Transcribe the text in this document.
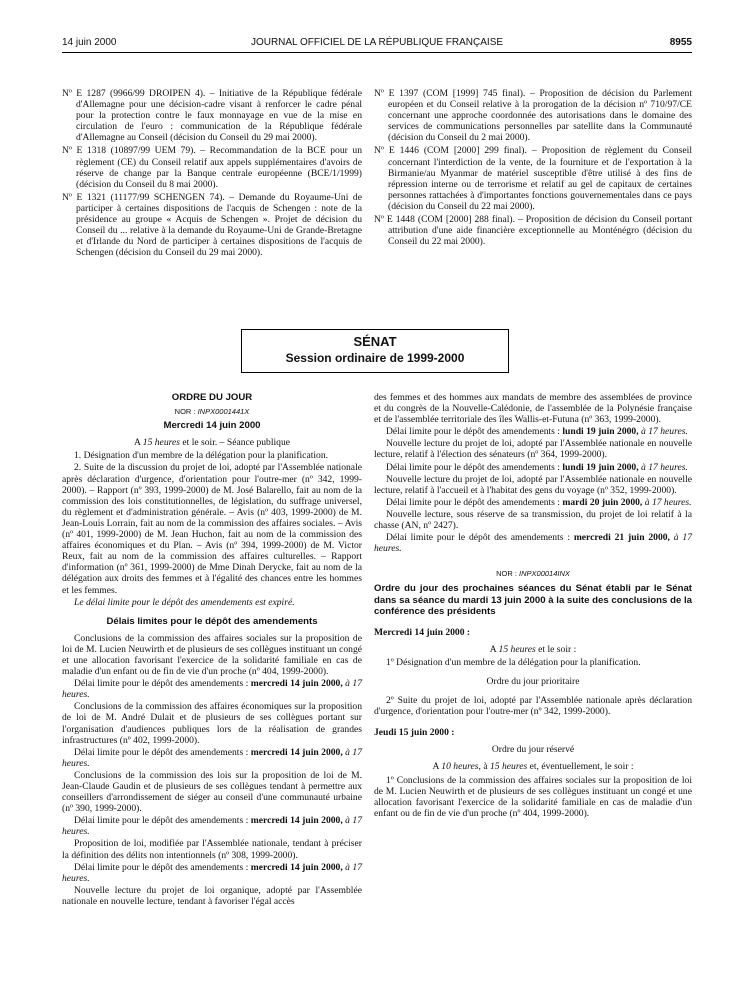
14 juin 2000	JOURNAL OFFICIEL DE LA RÉPUBLIQUE FRANÇAISE	8955
Nº E 1287 (9966/99 DROIPEN 4). – Initiative de la République fédérale d'Allemagne pour une décision-cadre visant à renforcer le cadre pénal pour la protection contre le faux monnayage en vue de la mise en circulation de l'euro : communication de la République fédérale d'Allemagne au Conseil (décision du Conseil du 29 mai 2000).
Nº E 1318 (10897/99 UEM 79). – Recommandation de la BCE pour un règlement (CE) du Conseil relatif aux appels supplémentaires d'avoirs de réserve de change par la Banque centrale européenne (BCE/1/1999) (décision du Conseil du 8 mai 2000).
Nº E 1321 (11177/99 SCHENGEN 74). – Demande du Royaume-Uni de participer à certaines dispositions de l'acquis de Schengen : note de la présidence au groupe « Acquis de Schengen ». Projet de décision du Conseil du ... relative à la demande du Royaume-Uni de Grande-Bretagne et d'Irlande du Nord de participer à certaines dispositions de l'acquis de Schengen (décision du Conseil du 29 mai 2000).
Nº E 1397 (COM [1999] 745 final). – Proposition de décision du Parlement européen et du Conseil relative à la prorogation de la décision nº 710/97/CE concernant une approche coordonnée des autorisations dans le domaine des services de communications personnelles par satellite dans la Communauté (décision du Conseil du 2 mai 2000).
Nº E 1446 (COM [2000] 299 final). – Proposition de règlement du Conseil concernant l'interdiction de la vente, de la fourniture et de l'exportation à la Birmanie/au Myanmar de matériel susceptible d'être utilisé à des fins de répression interne ou de terrorisme et relatif au gel de capitaux de certaines personnes rattachées à d'importantes fonctions gouvernementales dans ce pays (décision du Conseil du 22 mai 2000).
Nº E 1448 (COM [2000] 288 final). – Proposition de décision du Conseil portant attribution d'une aide financière exceptionnelle au Monténégro (décision du Conseil du 22 mai 2000).
SÉNAT
Session ordinaire de 1999-2000
ORDRE DU JOUR
NOR : INPX0001441X
Mercredi 14 juin 2000

A 15 heures et le soir. – Séance publique

1. Désignation d'un membre de la délégation pour la planification.

2. Suite de la discussion du projet de loi, adopté par l'Assemblée nationale après déclaration d'urgence, d'orientation pour l'outre-mer (nº 342, 1999-2000). – Rapport (nº 393, 1999-2000) de M. José Balarello, fait au nom de la commission des lois constitutionnelles, de législation, du suffrage universel, du règlement et d'administration générale. – Avis (nº 403, 1999-2000) de M. Jean-Louis Lorrain, fait au nom de la commission des affaires sociales. – Avis (nº 401, 1999-2000) de M. Jean Huchon, fait au nom de la commission des affaires économiques et du Plan. – Avis (nº 394, 1999-2000) de M. Victor Reux, fait au nom de la commission des affaires culturelles. – Rapport d'information (nº 361, 1999-2000) de Mme Dinah Derycke, fait au nom de la délégation aux droits des femmes et à l'égalité des chances entre les hommes et les femmes.

Le délai limite pour le dépôt des amendements est expiré.

Délais limites pour le dépôt des amendements

Conclusions de la commission des affaires sociales sur la proposition de loi de M. Lucien Neuwirth et de plusieurs de ses collègues instituant un congé et une allocation favorisant l'exercice de la solidarité familiale en cas de maladie d'un enfant ou de fin de vie d'un proche (nº 404, 1999-2000).

Délai limite pour le dépôt des amendements : mercredi 14 juin 2000, à 17 heures.

Conclusions de la commission des affaires économiques sur la proposition de loi de M. André Dulait et de plusieurs de ses collègues portant sur l'organisation d'audiences publiques lors de la réalisation de grandes infrastructures (nº 402, 1999-2000).

Délai limite pour le dépôt des amendements : mercredi 14 juin 2000, à 17 heures.

Conclusions de la commission des lois sur la proposition de loi de M. Jean-Claude Gaudin et de plusieurs de ses collègues tendant à permettre aux conseillers d'arrondissement de siéger au conseil d'une communauté urbaine (nº 390, 1999-2000).

Délai limite pour le dépôt des amendements : mercredi 14 juin 2000, à 17 heures.

Proposition de loi, modifiée par l'Assemblée nationale, tendant à préciser la définition des délits non intentionnels (nº 308, 1999-2000).

Délai limite pour le dépôt des amendements : mercredi 14 juin 2000, à 17 heures.

Nouvelle lecture du projet de loi organique, adopté par l'Assemblée nationale en nouvelle lecture, tendant à favoriser l'égal accès

des femmes et des hommes aux mandats de membre des assemblées de province et du congrès de la Nouvelle-Calédonie, de l'assemblée de la Polynésie française et de l'assemblée territoriale des îles Wallis-et-Futuna (nº 363, 1999-2000).

Délai limite pour le dépôt des amendements : lundi 19 juin 2000, à 17 heures.

Nouvelle lecture du projet de loi, adopté par l'Assemblée nationale en nouvelle lecture, relatif à l'élection des sénateurs (nº 364, 1999-2000).

Délai limite pour le dépôt des amendements : lundi 19 juin 2000, à 17 heures.

Nouvelle lecture du projet de loi, adopté par l'Assemblée nationale en nouvelle lecture, relatif à l'accueil et à l'habitat des gens du voyage (nº 352, 1999-2000).

Délai limite pour le dépôt des amendements : mardi 20 juin 2000, à 17 heures.

Nouvelle lecture, sous réserve de sa transmission, du projet de loi relatif à la chasse (AN, nº 2427).

Délai limite pour le dépôt des amendements : mercredi 21 juin 2000, à 17 heures.

NOR : INPX00014INX
Ordre du jour des prochaines séances du Sénat établi par le Sénat dans sa séance du mardi 13 juin 2000 à la suite des conclusions de la conférence des présidents
Mercredi 14 juin 2000 :

A 15 heures et le soir :

1º Désignation d'un membre de la délégation pour la planification.

Ordre du jour prioritaire

2º Suite du projet de loi, adopté par l'Assemblée nationale après déclaration d'urgence, d'orientation pour l'outre-mer (nº 342, 1999-2000).

Jeudi 15 juin 2000 :

Ordre du jour réservé

A 10 heures, à 15 heures et, éventuellement, le soir :

1º Conclusions de la commission des affaires sociales sur la proposition de loi de M. Lucien Neuwirth et de plusieurs de ses collègues instituant un congé et une allocation favorisant l'exercice de la solidarité familiale en cas de maladie d'un enfant ou de fin de vie d'un proche (nº 404, 1999-2000).
